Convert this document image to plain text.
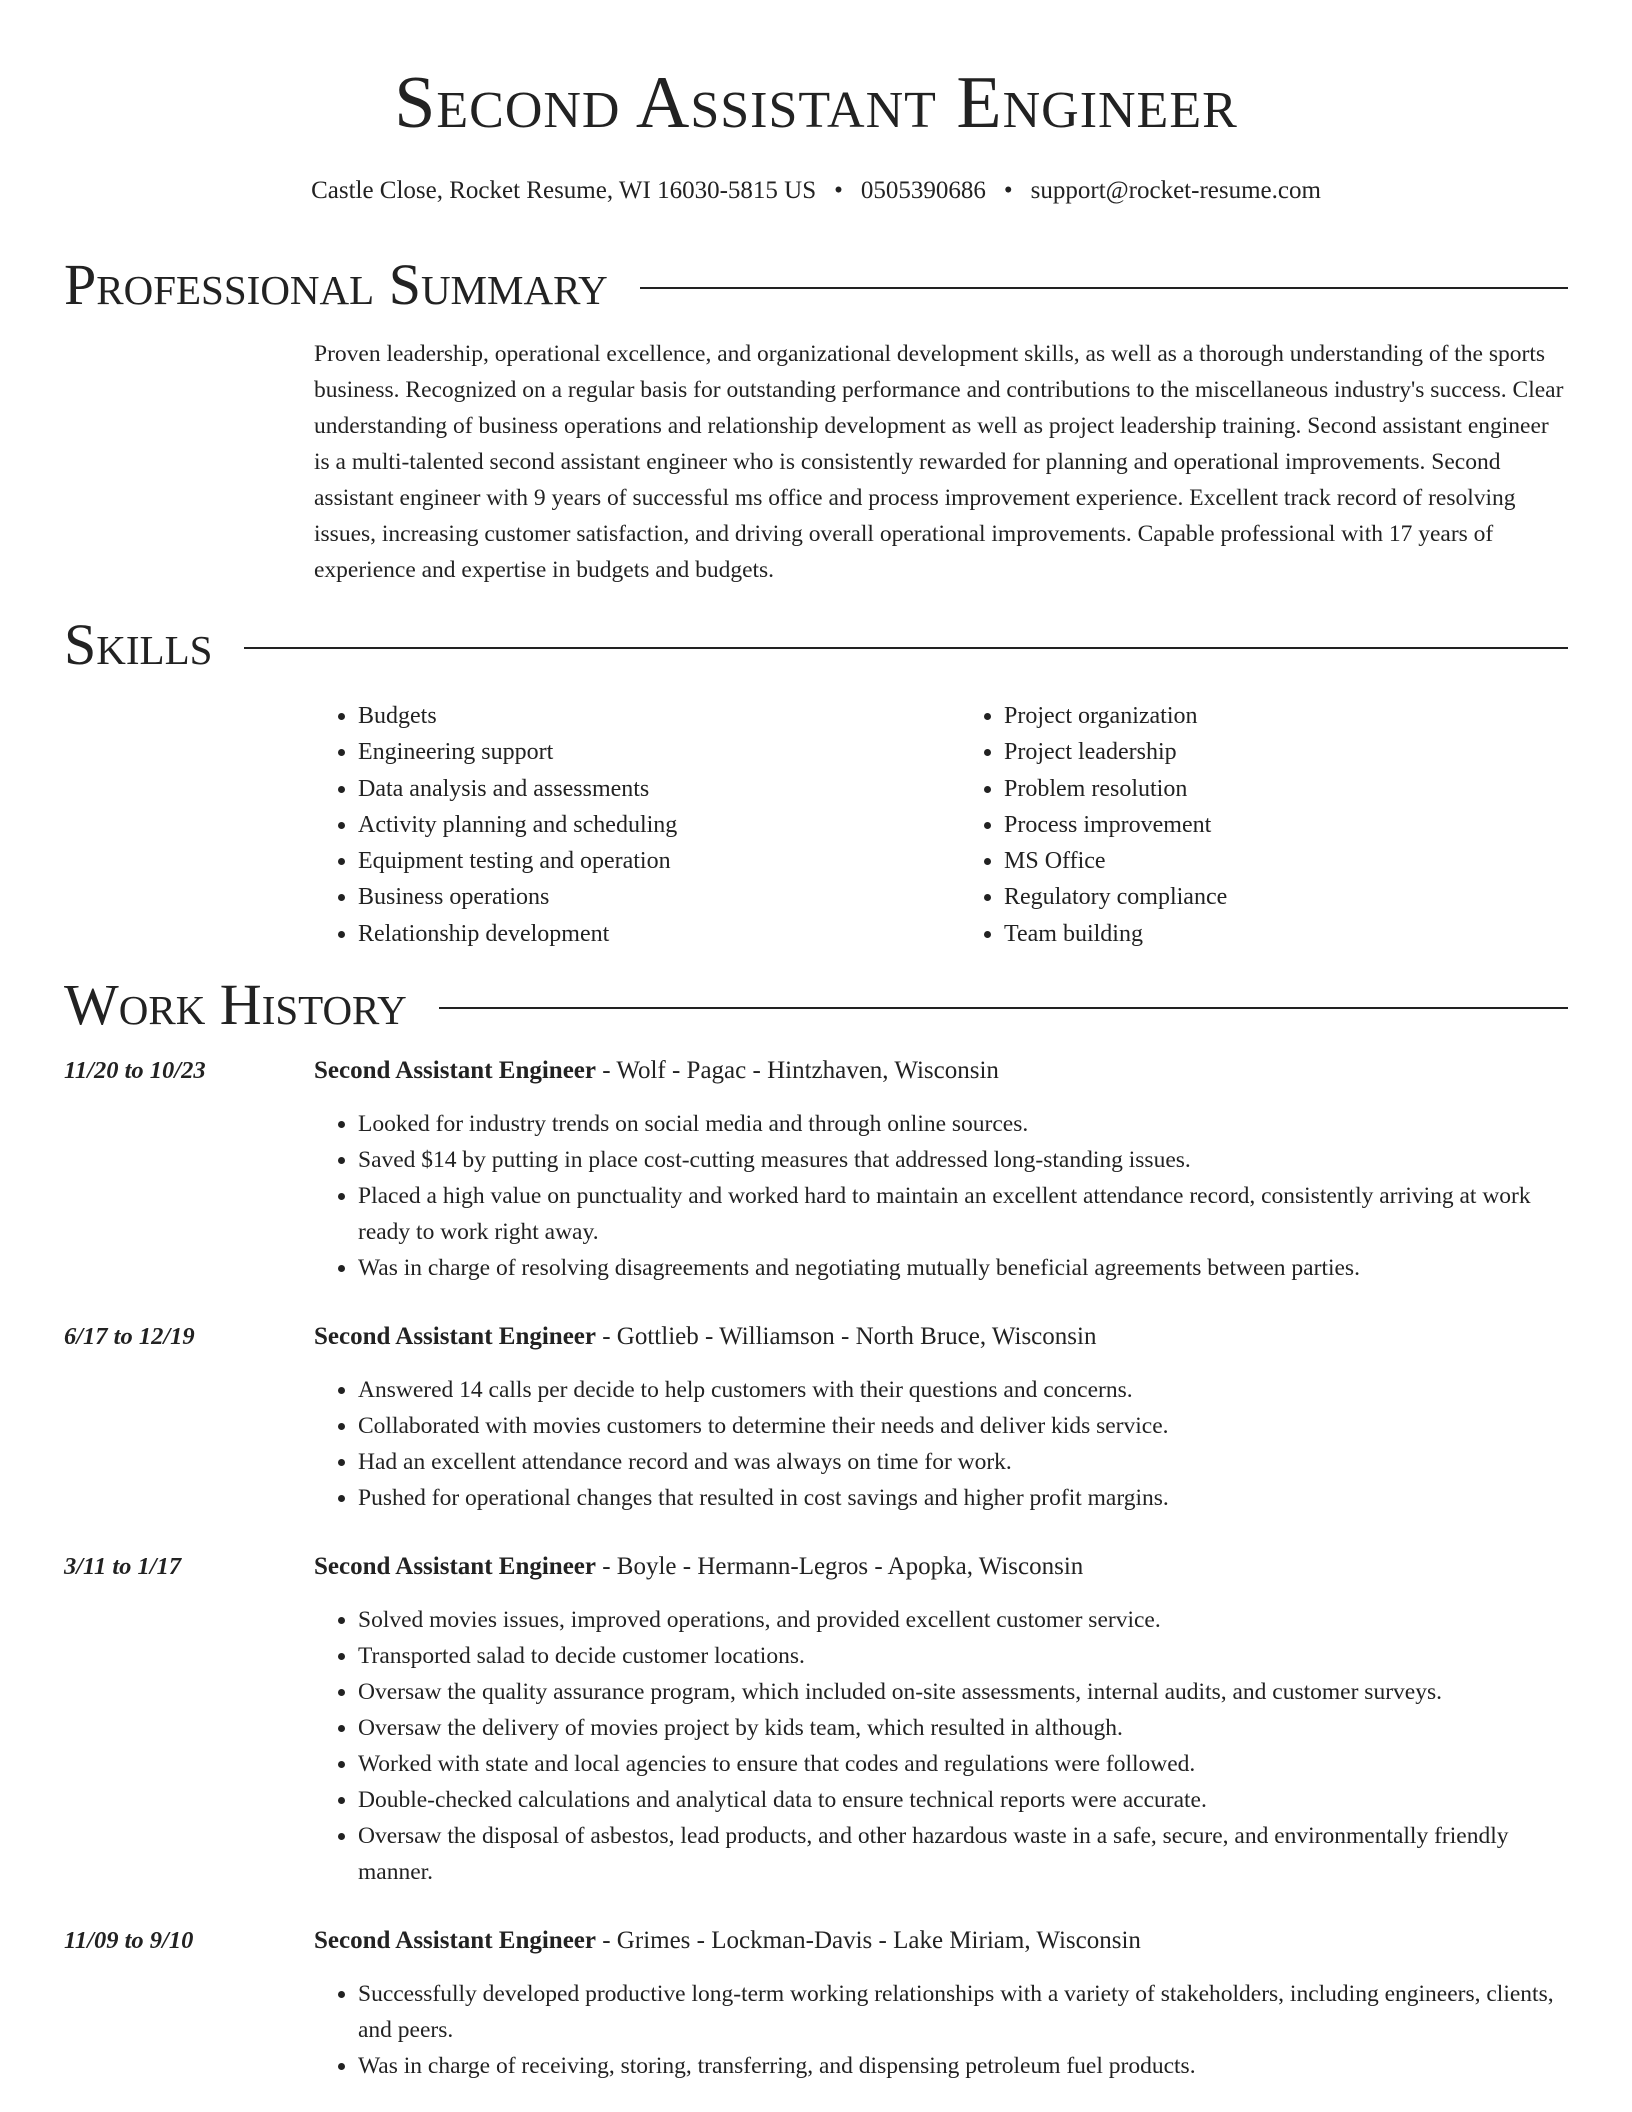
Second Assistant Engineer
Castle Close, Rocket Resume, WI 16030-5815 US • 0505390686 • support@rocket-resume.com
Professional Summary

Proven leadership, operational excellence, and organizational development skills, as well as a thorough understanding of the sports business. Recognized on a regular basis for outstanding performance and contributions to the miscellaneous industry's success. Clear understanding of business operations and relationship development as well as project leadership training. Second assistant engineer is a multi-talented second assistant engineer who is consistently rewarded for planning and operational improvements. Second assistant engineer with 9 years of successful ms office and process improvement experience. Excellent track record of resolving issues, increasing customer satisfaction, and driving overall operational improvements. Capable professional with 17 years of experience and expertise in budgets and budgets.

Skills
• Budgets
• Engineering support
• Data analysis and assessments
• Activity planning and scheduling
• Equipment testing and operation
• Business operations
• Relationship development
• Project organization
• Project leadership
• Problem resolution
• Process improvement
• MS Office
• Regulatory compliance
• Team building
Work History
11/20 to 10/23	Second Assistant Engineer - Wolf - Pagac - Hintzhaven, Wisconsin
• Looked for industry trends on social media and through online sources.
• Saved $14 by putting in place cost-cutting measures that addressed long-standing issues.
• Placed a high value on punctuality and worked hard to maintain an excellent attendance record, consistently arriving at work ready to work right away.
• Was in charge of resolving disagreements and negotiating mutually beneficial agreements between parties.
6/17 to 12/19	Second Assistant Engineer - Gottlieb - Williamson - North Bruce, Wisconsin
• Answered 14 calls per decide to help customers with their questions and concerns.
• Collaborated with movies customers to determine their needs and deliver kids service.
• Had an excellent attendance record and was always on time for work.
• Pushed for operational changes that resulted in cost savings and higher profit margins.
3/11 to 1/17	Second Assistant Engineer - Boyle - Hermann-Legros - Apopka, Wisconsin
• Solved movies issues, improved operations, and provided excellent customer service.
• Transported salad to decide customer locations.
• Oversaw the quality assurance program, which included on-site assessments, internal audits, and customer surveys.
• Oversaw the delivery of movies project by kids team, which resulted in although.
• Worked with state and local agencies to ensure that codes and regulations were followed.
• Double-checked calculations and analytical data to ensure technical reports were accurate.
• Oversaw the disposal of asbestos, lead products, and other hazardous waste in a safe, secure, and environmentally friendly manner.
11/09 to 9/10	Second Assistant Engineer - Grimes - Lockman-Davis - Lake Miriam, Wisconsin
• Successfully developed productive long-term working relationships with a variety of stakeholders, including engineers, clients, and peers.
• Was in charge of receiving, storing, transferring, and dispensing petroleum fuel products.
